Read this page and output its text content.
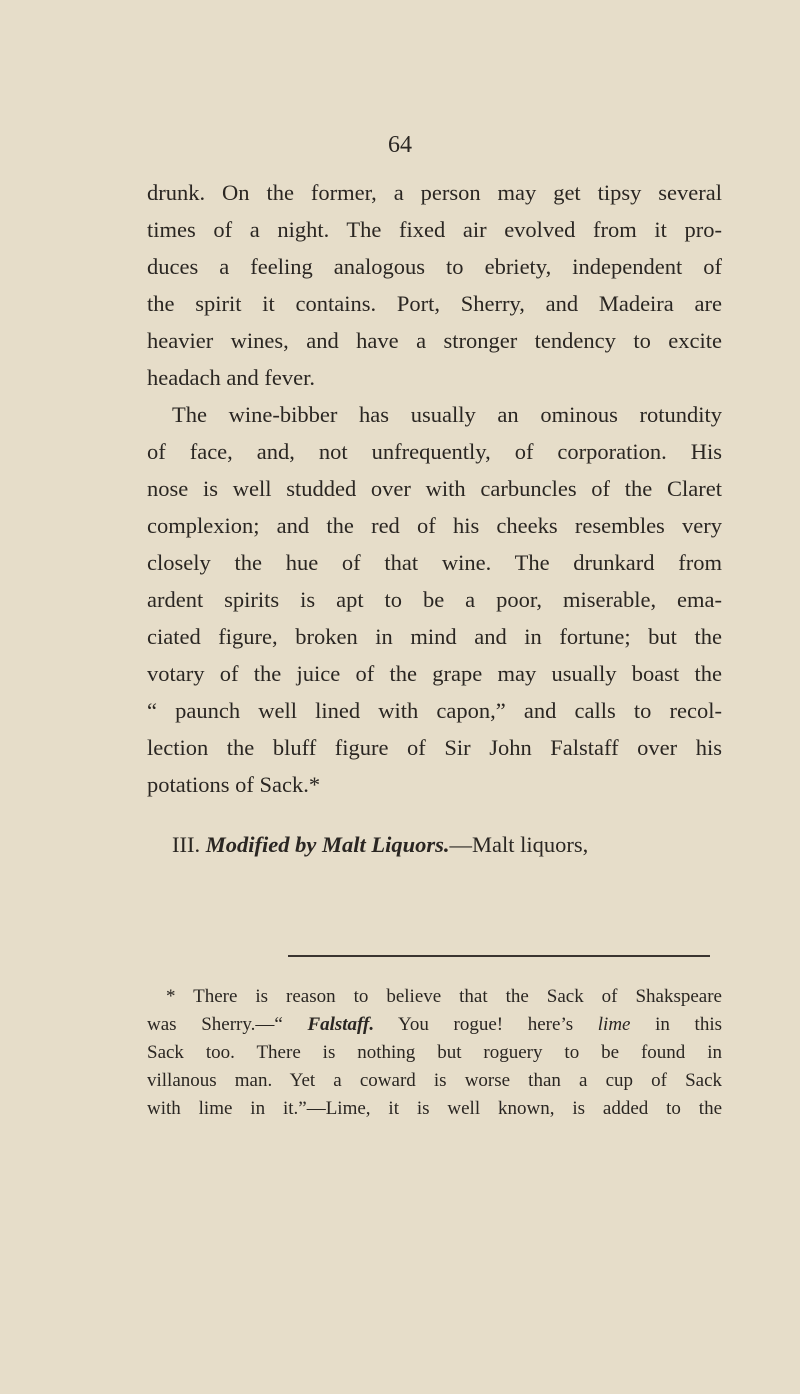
64
drunk. On the former, a person may get tipsy several
times of a night. The fixed air evolved from it pro-
duces a feeling analogous to ebriety, independent of
the spirit it contains. Port, Sherry, and Madeira are
heavier wines, and have a stronger tendency to excite
headach and fever.
The wine-bibber has usually an ominous rotundity
of face, and, not unfrequently, of corporation. His
nose is well studded over with carbuncles of the Claret
complexion; and the red of his cheeks resembles very
closely the hue of that wine. The drunkard from
ardent spirits is apt to be a poor, miserable, ema-
ciated figure, broken in mind and in fortune; but the
votary of the juice of the grape may usually boast the
“ paunch well lined with capon,” and calls to recol-
lection the bluff figure of Sir John Falstaff over his
potations of Sack.*
III. Modified by Malt Liquors.—Malt liquors,
* There is reason to believe that the Sack of Shakspeare
was Sherry.—“ Falstaff. You rogue! here’s lime in this
Sack too. There is nothing but roguery to be found in
villanous man. Yet a coward is worse than a cup of Sack
with lime in it.”—Lime, it is well known, is added to the
